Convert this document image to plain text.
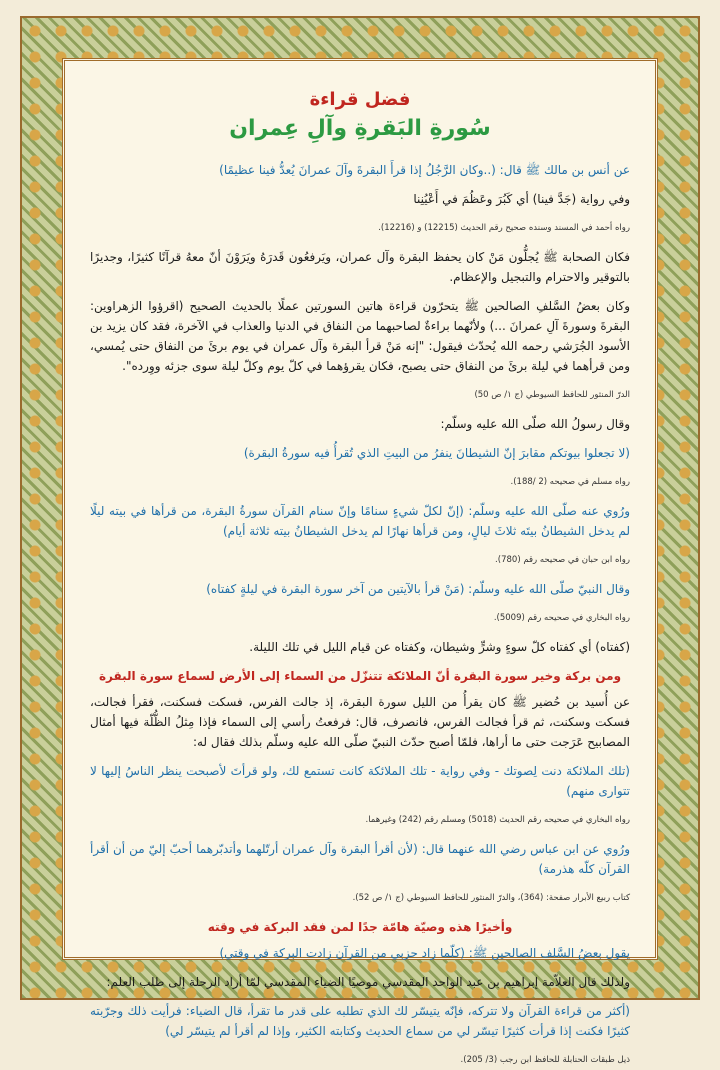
فضل قراءة
سُورةِ البَقرةِ وآلِ عِمران

عن أنس بن مالك ﷺ قال: (..وكان الرَّجُلُ إذا قرأَ البقرةَ وآلَ عمرانَ يُعدُّ فينا عظيمًا)

وفي رواية (جَدَّ فينا) أي كَبُرَ وعَظُمَ في أَعْيُنِنا

رواه أحمد في المسند وسنده صحيح رقم الحديث (12215) و (12216).

فكان الصحابة ﷺ يُجلُّون مَنْ كان يحفظ البقرة وآل عمران، ويَرفعُون قَدرَهُ ويَرَوْنَ أنّ معهُ قرآنًا كثيرًا، وجديرًا بالتوقير والاحترام والتبجيل والإعظام.

وكان بعضُ السَّلفِ الصالحين ﷺ يتحرّون قراءة هاتين السورتين عملًا بالحديث الصحيح (اقرؤوا الزهراوين: البقرةَ وسورةَ آلِ عمرانَ ...) ولأنّهما براءةٌ لصاحبهما من النفاق في الدنيا والعذاب في الآخرة، فقد كان يزيد بن الأسود الجُرَشي رحمه الله يُحدّث فيقول: "إنه مَنْ قرأ البقرة وآل عمران في يوم برئَ من النفاق حتى يُمسي، ومن قرأهما في ليلة برئَ من النفاق حتى يصبح، فكان يقرؤهما في كلّ يوم وكلّ ليلة سوى جزئه ووِرده".

الدرّ المنثور للحافظ السيوطي (ج ١/ ص 50)

وقال رسولُ الله صلّى الله عليه وسلّم:

(لا تجعلوا بيوتكم مقابرَ إنّ الشيطانَ ينفرُ من البيتِ الذي تُقرأُ فيه سورةُ البقرة)

رواه مسلم في صحيحه (2 /188).

ورُوي عنه صلّى الله عليه وسلّم: (إنّ لكلّ شيءٍ سنامًا وإنّ سنام القرآن سورةُ البقرة، من قرأها في بيته ليلًا لم يدخل الشيطانُ بيتَه ثلاثَ ليالٍ، ومن قرأها نهارًا لم يدخل الشيطانُ بيته ثلاثة أيام)

رواه ابن حبان في صحيحه رقم (780).

وقال النبيّ صلّى الله عليه وسلّم: (مَنْ قرأ بالآيتين من آخر سورة البقرة في ليلةٍ كفتاه)

رواه البخاري في صحيحه رقم (5009).

(كفتاه) أي كفتاه كلّ سوءٍ وشرٍّ وشيطان، وكفتاه عن قيام الليل في تلك الليلة.

ومن بركة وخير سورة البقرة أنّ الملائكة تتنزّل من السماء إلى الأرض لسماع سورة البقرة

عن أُسيد بن حُضير ﷺ كان يقرأُ من الليل سورة البقرة، إذ جالت الفرس، فسكت فسكنت، فقرأ فجالت، فسكت وسكنت، ثم قرأ فجالت الفرس، فانصرف، قال: فرفعتُ رأسي إلى السماء فإذا مِثلُ الظُّلّة فيها أمثال المصابيح عَرَجت حتى ما أراها، فلمّا أصبح حدّث النبيّ صلّى الله عليه وسلّم بذلك فقال له:

(تلك الملائكة دنت لِصوتك - وفي رواية - تلك الملائكة كانت تستمع لك، ولو قرأتَ لأصبحت ينظر الناسُ إليها لا تتوارى منهم)

رواه البخاري في صحيحه رقم الحديث (5018) ومسلم رقم (242) وغيرهما.

ورُوي عن ابن عباس رضي الله عنهما قال: (لأن أقرأ البقرة وآل عمران أرتّلهما وأتدبّرهما أحبّ إليّ من أن أقرأ القرآن كلّه هذرمة)

كتاب ربيع الأبرار صفحة: (364)، والدرّ المنثور للحافظ السيوطي (ج ١/ ص 52).

وأخيرًا هذه وصيّة هامّة جدًا لمن فقد البركة في وقته

يقول بعضُ السَّلف الصالحين ﷺ: (كلّما زاد حزبي من القرآن زادت البركة في وقتي)

ولذلك قال العلاّمة إبراهيم بن عبد الواحد المقدسي موصيًا الضياء المقدسي لمّا أراد الرحلة إلى طلب العلم:

(أكثر من قراءة القرآن ولا تتركه، فإنّه يتيسّر لك الذي تطلبه على قدر ما تقرأ، قال الضياء: فرأيت ذلك وجرّبته كثيرًا فكنت إذا قرأت كثيرًا تيسّر لي من سماع الحديث وكتابته الكثير، وإذا لم أقرأ لم يتيسّر لي)

ذيل طبقات الحنابلة للحافظ ابن رجب (3/ 205).
